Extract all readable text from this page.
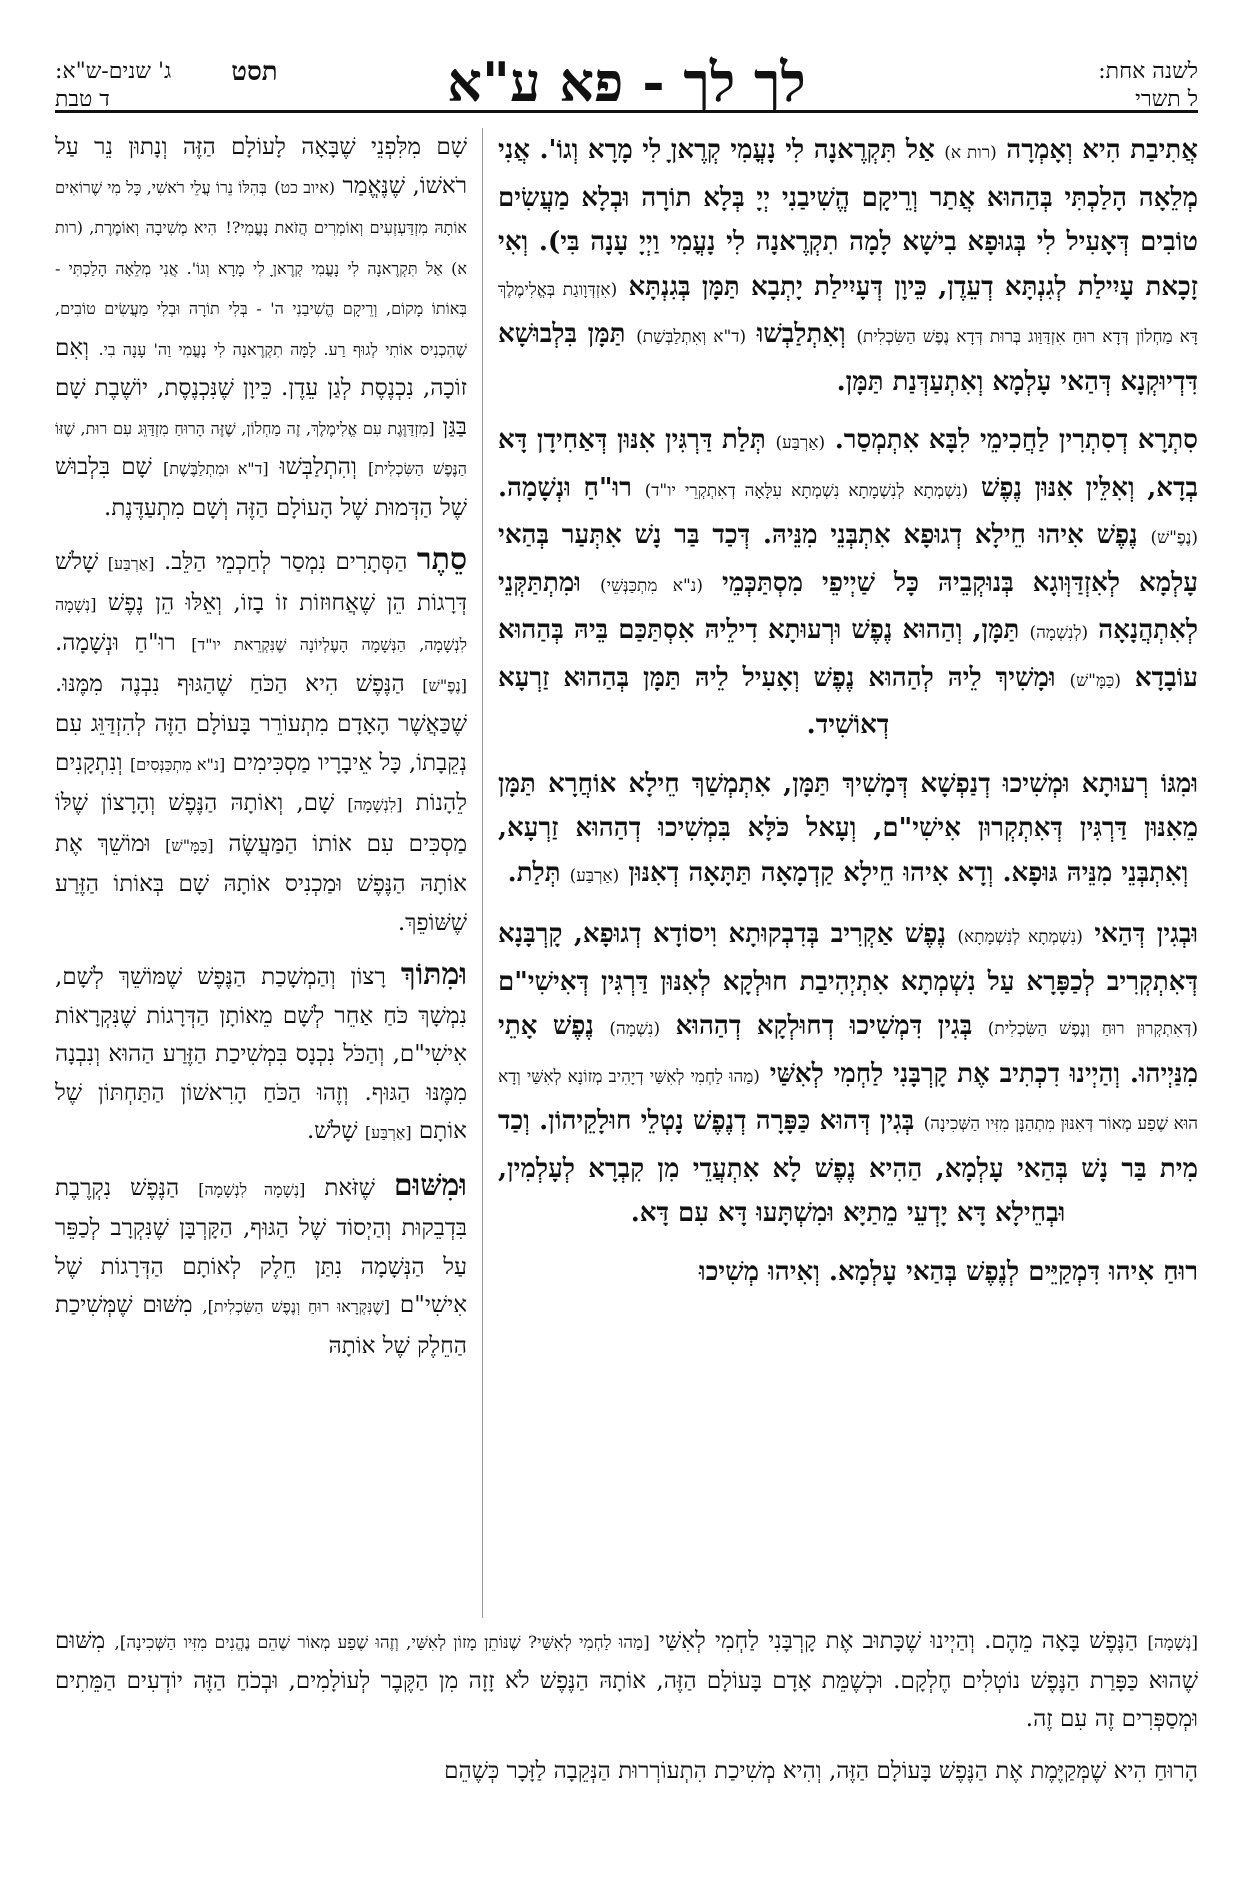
לשנה אחת:
ל תשרי
לך לך - פא ע"א
ג' שנים-ש"א:
ד טבת
תסט

אֲתִיבַת הִיא וְאָמְרָה (רות א) אַל תִּקְרֶאנָה לִי נָעֳמִי קְרֶאןָ לִי מָרָא וְגוֹ'. אֲנִי מְלֵאָה הָלַכְתִּי בְּהַהוּא אֲתַר וְרֵיקָם הֱשִׁיבַנִי יְיָ בְּלָא תוֹרָה וּבְלָא מַעֲשִׂים טוֹבִים דְּאָעִיל לִי בְּגוּפָא בִישָׁא לָמָה תִקְרֶאנָה לִי נָעֳמִי וַיְיָ עָנָה בִּי). וְאִי זָכָאת עָיִילַת לְגִנְתָּא דְעֵדֶן, כֵּיוָן דְּעָיִילַת יָתְבָא תַּמָּן בְּגִנְתָּא (אִזְדְּוָוגַת בְּאֱלִימֶלֶךְ דָּא מַחְלוֹן דְּדָא רוּחַ אִזְדַּוַּוג בְּרוּת דְּדָא נֶפֶשׁ הַשִּׂכְלִית) וְאִתְלַבְשׁוּ (ד"א וְאִתְלַבְּשַׁת) תַּמָּן בִּלְבוּשָׁא דִּדְיוּקְנָא דְּהַאי עָלְמָא וְאִתְעַדְּנַת תַּמָּן.

סִתְרָא דְסִתְרִין לַחֲכִימֵי לִבָּא אִתְמְסַר. (אַרְבַּע) תְּלַת דַּרְגִּין אִנּוּן דְּאַחִידָן דָּא בְדָא, וְאִלֵּין אִנּוּן נֶפֶשׁ (נִשְׁמְתָא לְנִשְׁמָתָא נִשְׁמְתָא עִלָּאָה דְאִתְקְרֵי יו"ד) רוּ"חַ וּנְשָׁמָה. (נֶפֶ"שׁ) נֶפֶשׁ אִיהוּ חֵילָא דְגוּפָא אִתְבְּנֵי מִנֵּיהּ. דְּכַד בַּר נָשׁ אִתְּעַר בְּהַאי עָלְמָא לְאִזְדַּוְּוגָא בְּנוּקְבֵיהּ כָּל שַׁיְיפֵי מִסְתַּכְּמֵי (נ"א מִתְכַּנְּשֵׁי) וּמִתְתַּקְּנֵי לְאִתְהֲנָאָה (לְנִשְׁמָה) תַּמָּן, וְהַהוּא נֶפֶשׁ וּרְעוּתָא דִילֵיהּ אִסְתַּכַּם בֵּיהּ בְּהַהוּא עוֹבָדָא (כַּמָּ"שׁ) וּמָשִׁיךְ לֵיהּ לְהַהוּא נֶפֶשׁ וְאָעִיל לֵיהּ תַּמָּן בְּהַהוּא זַרְעָא דְאוֹשִׁיד.

וּמִגּוֹ רְעוּתָא וּמְשִׁיכוּ דְנַפְשָׁא דְּמָשִׁיךְ תַּמָּן, אִתְמְשַׁךְ חֵילָא אוֹחֲרָא תַּמָּן מֵאִנּוּן דַּרְגִּין דְּאִתְקְרוּן אִישִׁי"ם, וְעָאל כֹּלָּא בִּמְשִׁיכוּ דְהַהוּא זַרְעָא, וְאִתְבְּנֵי מִנֵּיהּ גּוּפָא. וְדָא אִיהוּ חֵילָא קַדְמָאָה תַּתָּאָה דְאִנּוּן (אַרְבַּע) תְּלַת.

וּבְגִין דְּהַאי (נִשְׁמְתָא לְנִשְׁמָתָא) נֶפֶשׁ אַקְרִיב בְּדִבְקוּתָא וִיסוֹדָא דְגוּפָא, קָרְבָּנָא דְּאִתְקְרִיב לְכַפָּרָא עַל נִשְׁמְתָא אִתְיְהִיבַת חוּלְקָא לְאִנּוּן דַּרְגִּין דְּאִישִׁי"ם (דְּאִתְקְרוּן רוּחַ וְנֶפֶשׁ הַשִּׂכְלִית) בְּגִין דִּמְשִׁיכוּ דְחוּלְקָא דְהַהוּא (נִשְׁמָה) נֶפֶשׁ אָתֵי מִנַּיְיהוּ. וְהַיְינוּ דִכְתִיב אֶת קָרְבָּנִי לַחְמִי לְאִשַּׁי (מַהוּ לַחְמִי לְאִשַּׁי דְיָהִיב מְזוֹנָא לְאִשַּׁי וְדָא הוּא שֶׁפַע מְאוֹר דְּאִנּוּן מִתְהַנָּן מִזִּיו הַשְּׁכִינָה) בְּגִין דְּהוּא כַּפָּרָה דְנֶפֶשׁ נָטְלֵי חוּלָקֵיהוֹן. וְכַד מִית בַּר נָשׁ בְּהַאי עָלְמָא, הַהִיא נֶפֶשׁ לָא אִתְעֲדֵי מִן קִבְרָא לְעָלְמִין, וּבְחֵילָא דָּא יָדְעֵי מֵתַיָּא וּמִשְׁתָּעוּ דָּא עִם דָּא.

רוּחַ אִיהוּ דִּמְקַיֵּים לְנֶפֶשׁ בְּהַאי עָלְמָא. וְאִיהוּ מְשִׁיכוּ

שָׁם מִלִּפְנֵי שֶׁבָּאָה לָעוֹלָם הַזֶּה וְנָתוּן נֵר עַל רֹאשׁוֹ, שֶׁנֶּאֱמַר (איוב כט) בְּהִלּוֹ נֵרוֹ עֲלֵי רֹאשִׁי, כָּל מִי שֶׁרוֹאִים אוֹתָהּ מִזְדַּעְזְעִים וְאוֹמְרִים הֲזֹאת נָעֳמִי?! הִיא מְשִׁיבָה וְאוֹמֶרֶת, (רות א) אַל תִּקְרֶאנָה לִי נָעֳמִי קְרֶאןָ לִי מָרָא וְגוֹ'. אֲנִי מְלֵאָה הָלַכְתִּי - בְּאוֹתוֹ מָקוֹם, וְרֵיקָם הֱשִׁיבַנִי ה' - בְּלִי תוֹרָה וּבְלִי מַעֲשִׂים טוֹבִים, שֶׁהִכְנִיס אוֹתִי לְגוּף רַע. לָמָּה תִקְרֶאנָה לִי נָעֳמִי וַה' עָנָה בִי. וְאִם זוֹכָה, נִכְנֶסֶת לְגַן עֵדֶן. כֵּיוָן שֶׁנִּכְנֶסֶת, יוֹשֶׁבֶת שָׁם בַּגַּן [מִזְדַּוֶּגֶת עִם אֱלִימֶלֶךְ, זֶה מַחְלוֹן, שֶׁזֶּה הָרוּחַ מִזְדַּוֵּג עִם רוּת, שֶׁזּוֹ הַנֶּפֶשׁ הַשִּׂכְלִית] וְהִתְלַבְּשׁוּ [ד"א וּמִתְלַבֶּשֶׁת] שָׁם בִּלְבוּשׁ שֶׁל הַדְּמוּת שֶׁל הָעוֹלָם הַזֶּה וְשָׁם מִתְעַדֶּנֶת.

סֵתֶר הַסְּתָרִים נִמְסַר לְחַכְמֵי הַלֵּב. [אַרְבַּע] שָׁלֹשׁ דְּרָגוֹת הֵן שֶׁאֲחוּזוֹת זוֹ בָזוֹ, וְאֵלּוּ הֵן נֶפֶשׁ [נְשָׁמָה לִנְשָׁמָה, הַנְּשָׁמָה הָעֶלְיוֹנָה שֶׁנִּקְרֵאת יו"ד] רוּ"חַ וּנְשָׁמָה. [נֶפֶ"שׁ] הַנֶּפֶשׁ הִיא הַכֹּחַ שֶׁהַגּוּף נִבְנֶה מִמֶּנּוּ. שֶׁכַּאֲשֶׁר הָאָדָם מִתְעוֹרֵר בָּעוֹלָם הַזֶּה לְהִזְדַּוֵּג עִם נְקֵבָתוֹ, כָּל אֵיבָרָיו מַסְכִּימִים [נ"א מִתְכַּנְּסִים] וְנִתְקָנִים לֵהָנוֹת [לִנְשָׁמָה] שָׁם, וְאוֹתָהּ הַנֶּפֶשׁ וְהָרָצוֹן שֶׁלּוֹ מַסְכִּים עִם אוֹתוֹ הַמַּעֲשֶׂה [כַּמָּ"שׁ] וּמוֹשֵׁךְ אֶת אוֹתָהּ הַנֶּפֶשׁ וּמַכְנִיס אוֹתָהּ שָׁם בְּאוֹתוֹ הַזֶּרַע שֶׁשּׁוֹפֵךְ.

וּמִתּוֹךְ רָצוֹן וְהַמְשָׁכַת הַנֶּפֶשׁ שֶׁמּוֹשֵׁךְ לְשָׁם, נִמְשָׁךְ כֹּחַ אַחֵר לְשָׁם מֵאוֹתָן הַדְּרָגוֹת שֶׁנִּקְרָאוֹת אִישִׁי"ם, וְהַכֹּל נִכְנָס בִּמְשִׁיכַת הַזֶּרַע הַהוּא וְנִבְנָה מִמֶּנּוּ הַגּוּף. וְזֶהוּ הַכֹּחַ הָרִאשׁוֹן הַתַּחְתּוֹן שֶׁל אוֹתָם [אַרְבַּע] שָׁלֹשׁ.

וּמִשּׁוּם שֶׁזֹּאת [נְשָׁמָה לִנְשָׁמָה] הַנֶּפֶשׁ נִקְרֶבֶת בִּדְבֵקוּת וְהַיְסוֹד שֶׁל הַגּוּף, הַקָּרְבָּן שֶׁנִּקְרָב לְכַפֵּר עַל הַנְּשָׁמָה נִתַּן חֵלֶק לְאוֹתָם הַדְּרָגוֹת שֶׁל אִישִׁי"ם [שֶׁנִּקְרָאוּ רוּחַ וְנֶפֶשׁ הַשִּׂכְלִית], מִשּׁוּם שֶׁמְּשִׁיכַת הַחֵלֶק שֶׁל אוֹתָהּ

[נְשָׁמָה] הַנֶּפֶשׁ בָּאָה מֵהֶם. וְהַיְינוּ שֶׁכָּתוּב אֶת קָרְבָּנִי לַחְמִי לְאִשַּׁי [מַהוּ לַחְמִי לְאִשַּׁי? שֶׁנּוֹתֵן מָזוֹן לְאִשַּׁי, וְזֶהוּ שֶׁפַע מְאוֹר שֶׁהֵם נֶהֱנִים מִזִּיו הַשְּׁכִינָה], מִשּׁוּם שֶׁהוּא כַּפָּרַת הַנֶּפֶשׁ נוֹטְלִים חֶלְקָם. וּכְשֶׁמֵּת אָדָם בָּעוֹלָם הַזֶּה, אוֹתָהּ הַנֶּפֶשׁ לֹא זָזָה מִן הַקֶּבֶר לְעוֹלָמִים, וּבְכֹחַ הַזֶּה יוֹדְעִים הַמֵּתִים וּמְסַפְּרִים זֶה עִם זֶה.

הָרוּחַ הִיא שֶׁמְּקַיֶּמֶת אֶת הַנֶּפֶשׁ בָּעוֹלָם הַזֶּה, וְהִיא מְשִׁיכַת הִתְעוֹרְרוּת הַנְּקֵבָה לַזָּכָר כְּשֶׁהֵם
